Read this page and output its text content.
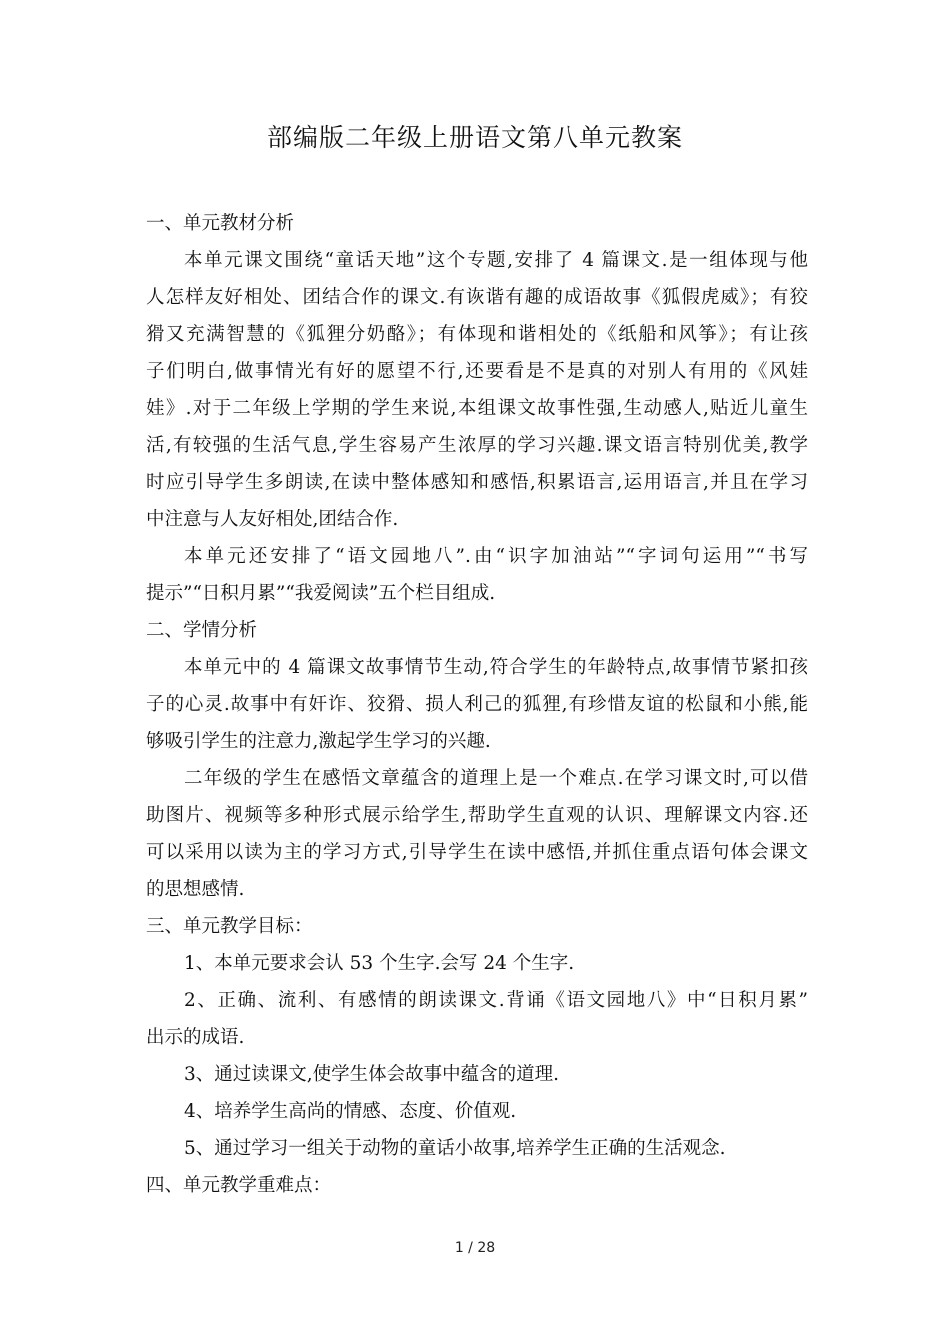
部编版二年级上册语文第八单元教案
一、单元教材分析
本单元课文围绕“童话天地”这个专题,安排了 4 篇课文.是一组体现与他
人怎样友好相处、团结合作的课文.有诙谐有趣的成语故事《狐假虎威》；有狡
猾又充满智慧的《狐狸分奶酪》；有体现和谐相处的《纸船和风筝》；有让孩
子们明白,做事情光有好的愿望不行,还要看是不是真的对别人有用的《风娃
娃》.对于二年级上学期的学生来说,本组课文故事性强,生动感人,贴近儿童生
活,有较强的生活气息,学生容易产生浓厚的学习兴趣.课文语言特别优美,教学
时应引导学生多朗读,在读中整体感知和感悟,积累语言,运用语言,并且在学习
中注意与人友好相处,团结合作.
本单元还安排了“语文园地八”.由“识字加油站”“字词句运用”“书写
提示”“日积月累”“我爱阅读”五个栏目组成.
二、学情分析
本单元中的 4 篇课文故事情节生动,符合学生的年龄特点,故事情节紧扣孩
子的心灵.故事中有奸诈、狡猾、损人利己的狐狸,有珍惜友谊的松鼠和小熊,能
够吸引学生的注意力,激起学生学习的兴趣.
二年级的学生在感悟文章蕴含的道理上是一个难点.在学习课文时,可以借
助图片、视频等多种形式展示给学生,帮助学生直观的认识、理解课文内容.还
可以采用以读为主的学习方式,引导学生在读中感悟,并抓住重点语句体会课文
的思想感情.
三、单元教学目标：
1、本单元要求会认 53 个生字.会写 24 个生字.
2、正确、流利、有感情的朗读课文.背诵《语文园地八》中“日积月累”
出示的成语.
3、通过读课文,使学生体会故事中蕴含的道理.
4、培养学生高尚的情感、态度、价值观.
5、通过学习一组关于动物的童话小故事,培养学生正确的生活观念.
四、单元教学重难点：
1 / 28
